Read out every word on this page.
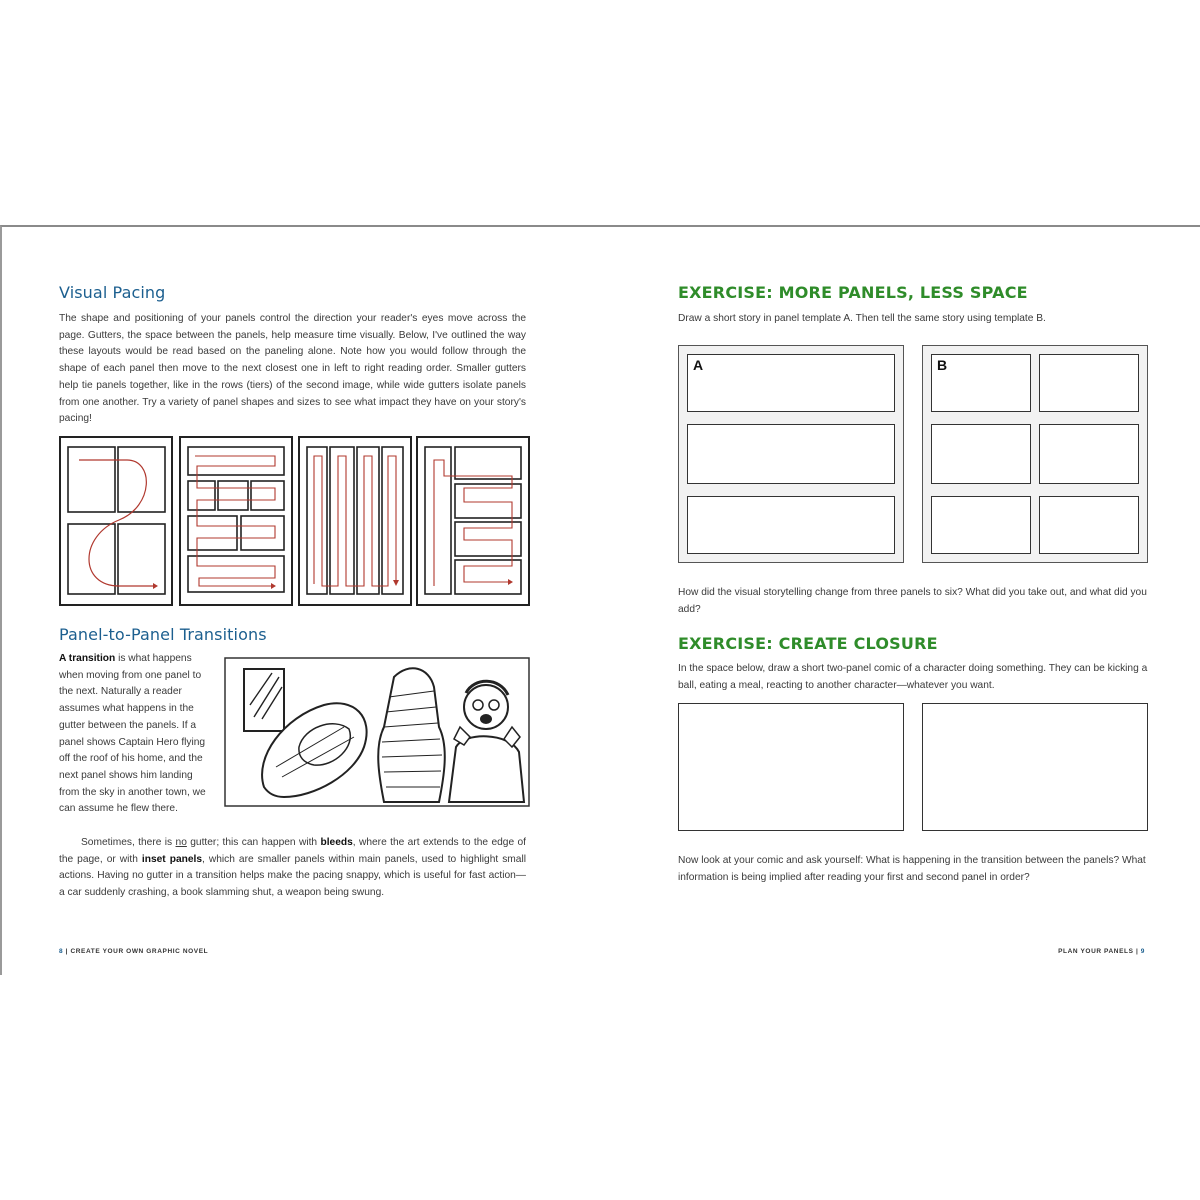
Visual Pacing

The shape and positioning of your panels control the direction your reader's eyes move across the page. Gutters, the space between the panels, help measure time visually. Below, I've outlined the way these layouts would be read based on the paneling alone. Note how you would follow through the shape of each panel then move to the next closest one in left to right reading order. Smaller gutters help tie panels together, like in the rows (tiers) of the second image, while wide gutters isolate panels from one another. Try a variety of panel shapes and sizes to see what impact they have on your story's pacing!

Panel-to-Panel Transitions

A transition is what happens when moving from one panel to the next. Naturally a reader assumes what happens in the gutter between the panels. If a panel shows Captain Hero flying off the roof of his home, and the next panel shows him landing from the sky in another town, we can assume he flew there.

Sometimes, there is no gutter; this can happen with bleeds, where the art extends to the edge of the page, or with inset panels, which are smaller panels within main panels, used to highlight small actions. Having no gutter in a transition helps make the pacing snappy, which is useful for fast action—a car suddenly crashing, a book slamming shut, a weapon being swung.

8 | CREATE YOUR OWN GRAPHIC NOVEL
EXERCISE: MORE PANELS, LESS SPACE

Draw a short story in panel template A. Then tell the same story using template B.

A	B

How did the visual storytelling change from three panels to six? What did you take out, and what did you add?

EXERCISE: CREATE CLOSURE

In the space below, draw a short two-panel comic of a character doing something. They can be kicking a ball, eating a meal, reacting to another character—whatever you want.

Now look at your comic and ask yourself: What is happening in the transition between the panels? What information is being implied after reading your first and second panel in order?

PLAN YOUR PANELS | 9
